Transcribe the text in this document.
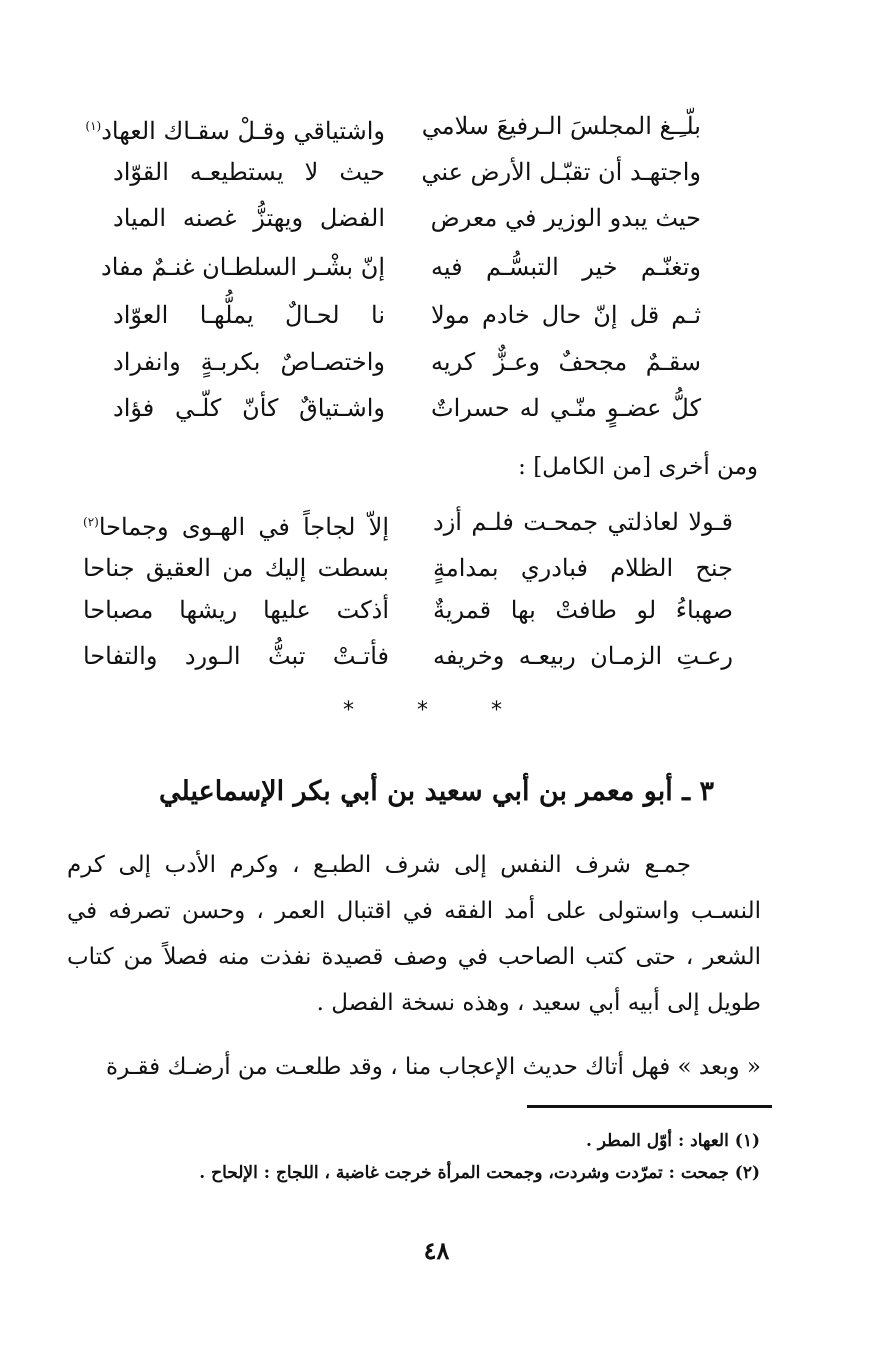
بلّـِـغ المجلسَ الـرفيعَ سلامي
واشتياقي وقـلْ سقـاك العهاد$^{(١)}$
واجتهـد أن تقبّـل الأرض عني
حيث لا يستطيعـه القوّاد
حيث يبدو الوزير في معرض
الفضل ويهتزُّ غصنه المياد
وتغنّـم خير التبسُّـم فيه
إنّ بشْـر السلطـان غنـمٌ مفاد
ثـم قل إنّ حال خادم مولا
نا لحـالٌ يملُّهـا العوّاد
سقـمٌ مجحفٌ وعـزٌّ كريه
واختصـاصٌ بكربـةٍ وانفراد
كلُّ عضـوٍ منّـي له حسراتٌ
واشـتياقٌ كأنّ كلّـي فؤاد
ومن أخرى [من الكامل] :
قـولا لعاذلتي جمحـت فلـم أزد
إلاّ لجاجاً في الهـوى وجماحا$^{(٢)}$
جنح الظلام فبادري بمدامةٍ
بسطت إليك من العقيق جناحا
صهباءُ لو طافتْ بها قمريةٌ
أذكت عليها ريشها مصباحا
رعـتِ الزمـان ربيعـه وخريفه
فأتـتْ تبثُّ الـورد والتفاحا
* * *
٣ ـ أبو معمر بن أبي سعيد بن أبي بكر الإسماعيلي

جمـع شرف النفس إلى شرف الطبـع ، وكرم الأدب إلى كرم النسـب واستولى على أمد الفقه في اقتبال العمر ، وحسن تصرفه في الشعر ، حتى كتب الصاحب في وصف قصيدة نفذت منه فصلاً من كتاب طويل إلى أبيه أبي سعيد ، وهذه نسخة الفصل .

« وبعد » فهل أتاك حديث الإعجاب منا ، وقد طلعـت من أرضـك فقـرة

(١) العهاد : أوّل المطر .
(٢) جمحت : تمرّدت وشردت، وجمحت المرأة خرجت غاضبة ، اللجاج : الإلحاح .
٤٨
